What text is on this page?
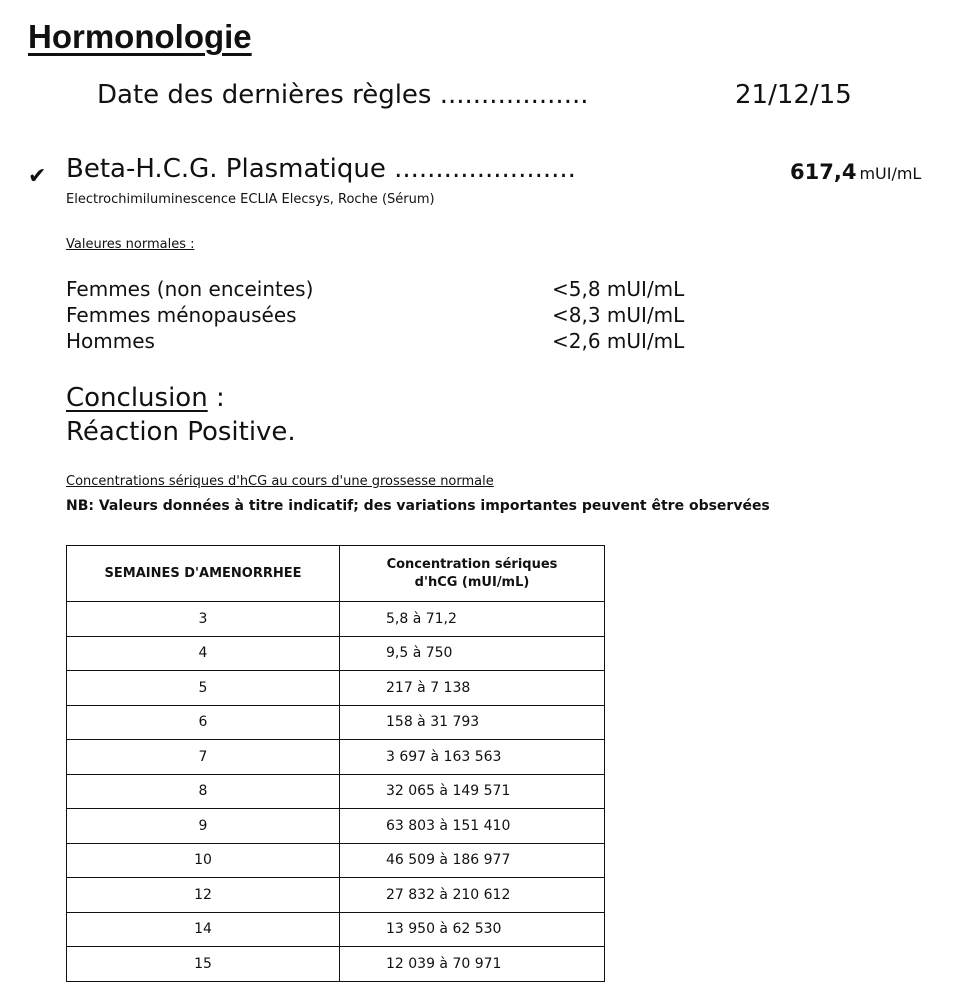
Hormonologie
Date des dernières règles ..................	21/12/15
✔ Beta-H.C.G. Plasmatique ......................	617,4 mUI/mL
Electrochimiluminescence ECLIA Elecsys, Roche (Sérum)
Valeures normales :
Femmes (non enceintes)	<5,8 mUI/mL
Femmes ménopausées	<8,3 mUI/mL
Hommes	<2,6 mUI/mL
Conclusion :
Réaction Positive.
Concentrations sériques d'hCG au cours d'une grossesse normale
NB: Valeurs données à titre indicatif; des variations importantes peuvent être observées
SEMAINES D'AMENORRHEE	Concentration sériques
d'hCG (mUI/mL)

3	5,8 à 71,2
4	9,5 à 750
5	217 à 7 138
6	158 à 31 793
7	3 697 à 163 563
8	32 065 à 149 571
9	63 803 à 151 410
10	46 509 à 186 977
12	27 832 à 210 612
14	13 950 à 62 530
15	12 039 à 70 971
